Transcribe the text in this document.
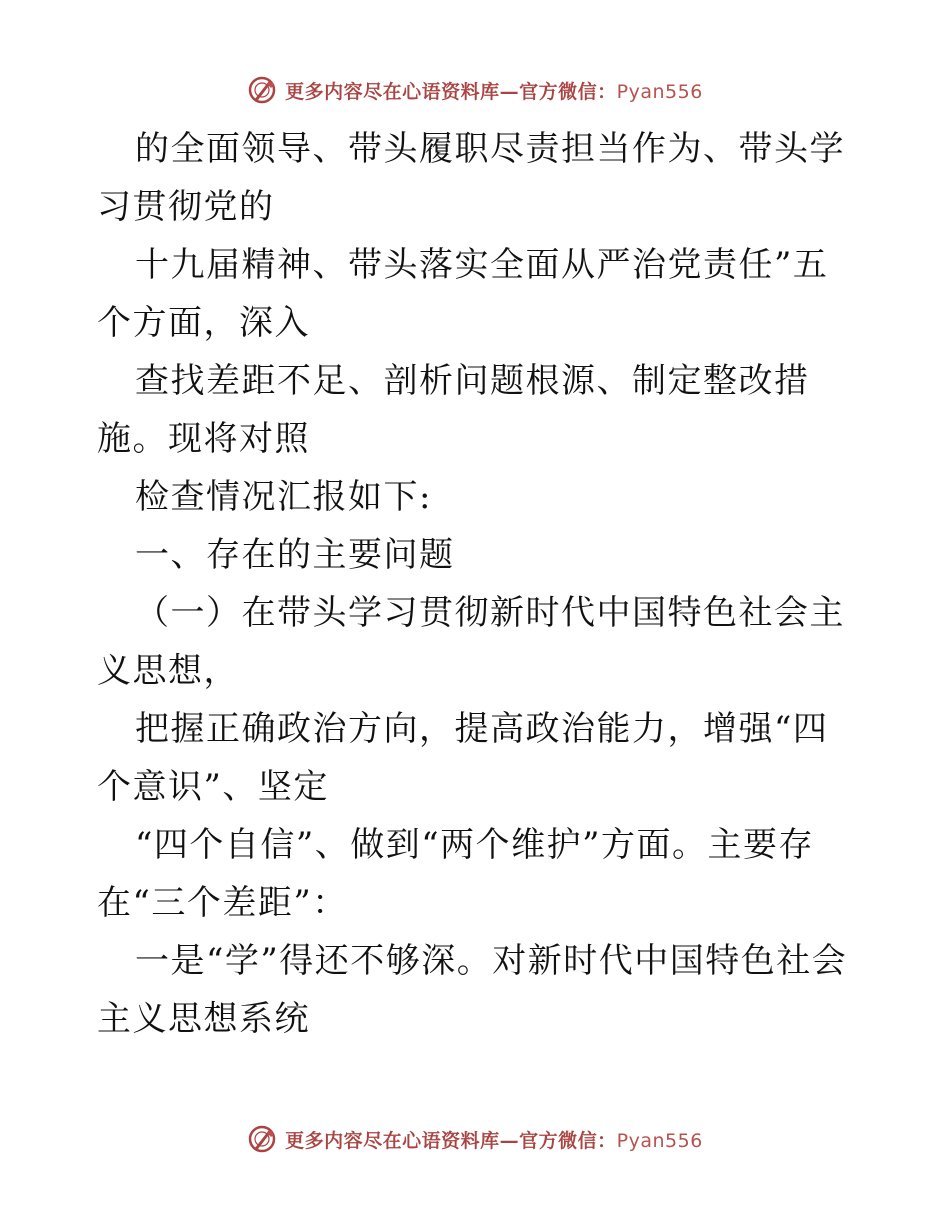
更多内容尽在心语资料库—官方微信：Pyan556

的全面领导、带头履职尽责担当作为、带头学习贯彻党的

十九届精神、带头落实全面从严治党责任”五个方面，深入

查找差距不足、剖析问题根源、制定整改措施。现将对照

检查情况汇报如下:

一、存在的主要问题

（一）在带头学习贯彻新时代中国特色社会主义思想，

把握正确政治方向，提高政治能力，增强“四个意识”、坚定

“四个自信”、做到“两个维护”方面。主要存在“三个差距”：

一是“学”得还不够深。对新时代中国特色社会主义思想系统

更多内容尽在心语资料库—官方微信：Pyan556
